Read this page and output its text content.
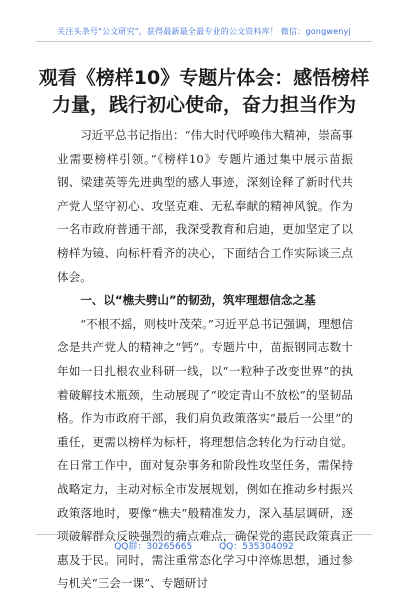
关注头条号"公文研究"，获得最新最全最专业的公文资料库！ 微信：gongwenyj
观看《榜样10》专题片体会：感悟榜样
力量，践行初心使命，奋力担当作为

习近平总书记指出：“伟大时代呼唤伟大精神，崇高事业需要榜样引领。”《榜样10》专题片通过集中展示苗振钢、梁建英等先进典型的感人事迹，深刻诠释了新时代共产党人坚守初心、攻坚克难、无私奉献的精神风貌。作为一名市政府普通干部，我深受教育和启迪，更加坚定了以榜样为镜、向标杆看齐的决心，下面结合工作实际谈三点体会。

一、以“樵夫劈山”的韧劲，筑牢理想信念之基

“不根不摇，则枝叶茂荣。”习近平总书记强调，理想信念是共产党人的精神之“钙”。专题片中，苗振钢同志数十年如一日扎根农业科研一线，以“一粒种子改变世界”的执着破解技术瓶颈，生动展现了“咬定青山不放松”的坚韧品格。作为市政府干部，我们肩负政策落实“最后一公里”的重任，更需以榜样为标杆，将理想信念转化为行动自觉。在日常工作中，面对复杂事务和阶段性攻坚任务，需保持战略定力，主动对标全市发展规划，例如在推动乡村振兴政策落地时，要像“樵夫”般精准发力，深入基层调研，逐项破解群众反映强烈的痛点难点，确保党的惠民政策真正惠及于民。同时，需注重常态化学习中淬炼思想，通过参与机关“三会一课”、专题研讨

QQ群：30265665	QQ：535304092
